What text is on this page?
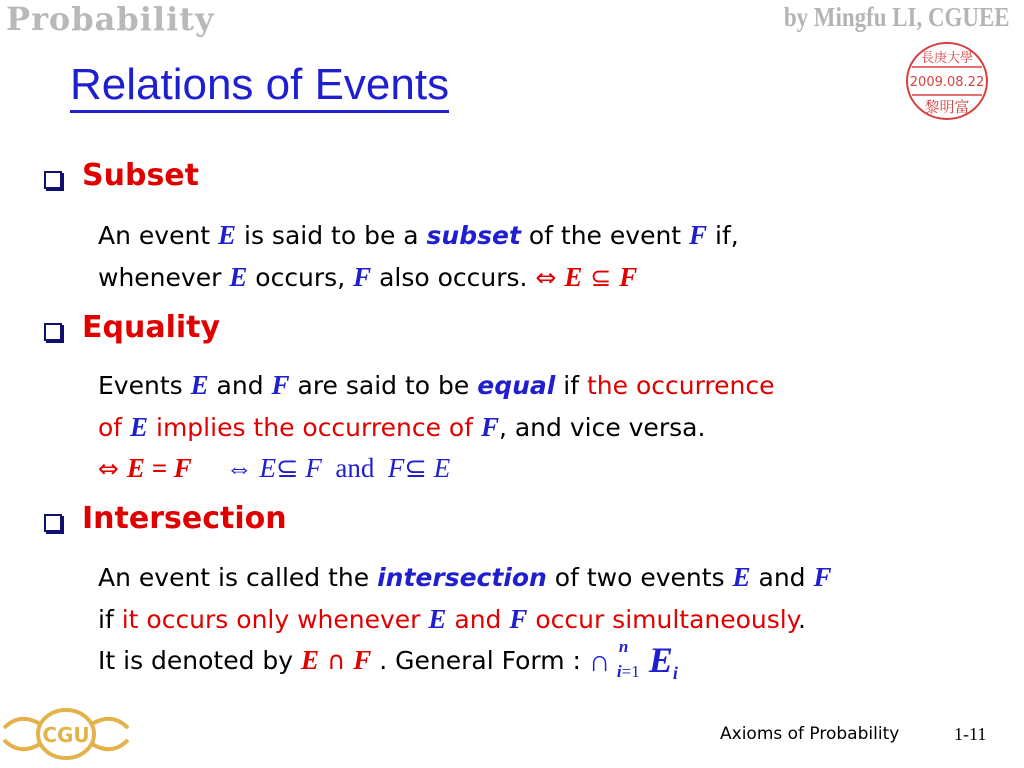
Probability	by Mingfu LI, CGUEE
長庚大學
2009.08.22
黎明富
Relations of Events
Subset
An event E is said to be a subset of the event F if,
whenever E occurs, F also occurs. ⇔ E ⊆ F
Equality
Events E and F are said to be equal if the occurrence
of E implies the occurrence of F, and vice versa.
⇔ E = F ⇔ E⊆ F and F⊆ E
Intersection
An event is called the intersection of two events E and F
if it occurs only whenever E and F occur simultaneously.
It is denoted by E ∩ F . General Form : ∩ n
i=1 E i
CGU	Axioms of Probability	1-11
